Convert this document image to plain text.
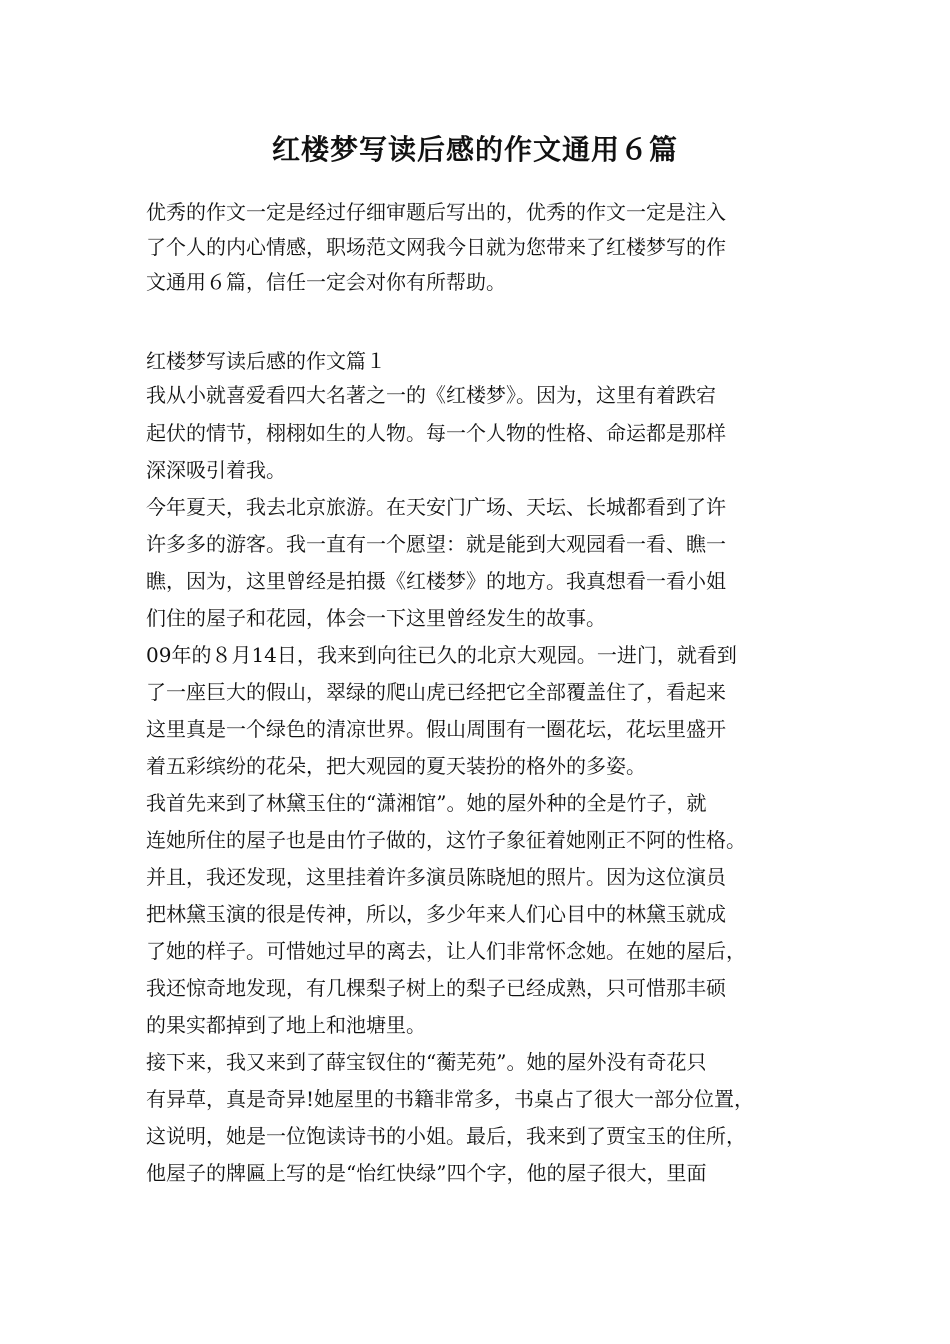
红楼梦写读后感的作文通用６篇

优秀的作文一定是经过仔细审题后写出的，优秀的作文一定是注入

了个人的内心情感，职场范文网我今日就为您带来了红楼梦写的作

文通用６篇，信任一定会对你有所帮助。

红楼梦写读后感的作文篇１

我从小就喜爱看四大名著之一的《红楼梦》。因为，这里有着跌宕

起伏的情节，栩栩如生的人物。每一个人物的性格、命运都是那样

深深吸引着我。

今年夏天，我去北京旅游。在天安门广场、天坛、长城都看到了许

许多多的游客。我一直有一个愿望：就是能到大观园看一看、瞧一

瞧，因为，这里曾经是拍摄《红楼梦》的地方。我真想看一看小姐

们住的屋子和花园，体会一下这里曾经发生的故事。

09年的８月14日，我来到向往已久的北京大观园。一进门，就看到

了一座巨大的假山，翠绿的爬山虎已经把它全部覆盖住了，看起来

这里真是一个绿色的清凉世界。假山周围有一圈花坛，花坛里盛开

着五彩缤纷的花朵，把大观园的夏天装扮的格外的多姿。

我首先来到了林黛玉住的“潇湘馆”。她的屋外种的全是竹子，就

连她所住的屋子也是由竹子做的，这竹子象征着她刚正不阿的性格。

并且，我还发现，这里挂着许多演员陈晓旭的照片。因为这位演员

把林黛玉演的很是传神，所以，多少年来人们心目中的林黛玉就成

了她的样子。可惜她过早的离去，让人们非常怀念她。在她的屋后，

我还惊奇地发现，有几棵梨子树上的梨子已经成熟，只可惜那丰硕

的果实都掉到了地上和池塘里。

接下来，我又来到了薛宝钗住的“蘅芜苑”。她的屋外没有奇花只

有异草，真是奇异!她屋里的书籍非常多，书桌占了很大一部分位置，

这说明，她是一位饱读诗书的小姐。最后，我来到了贾宝玉的住所，

他屋子的牌匾上写的是“怡红快绿”四个字，他的屋子很大，里面
